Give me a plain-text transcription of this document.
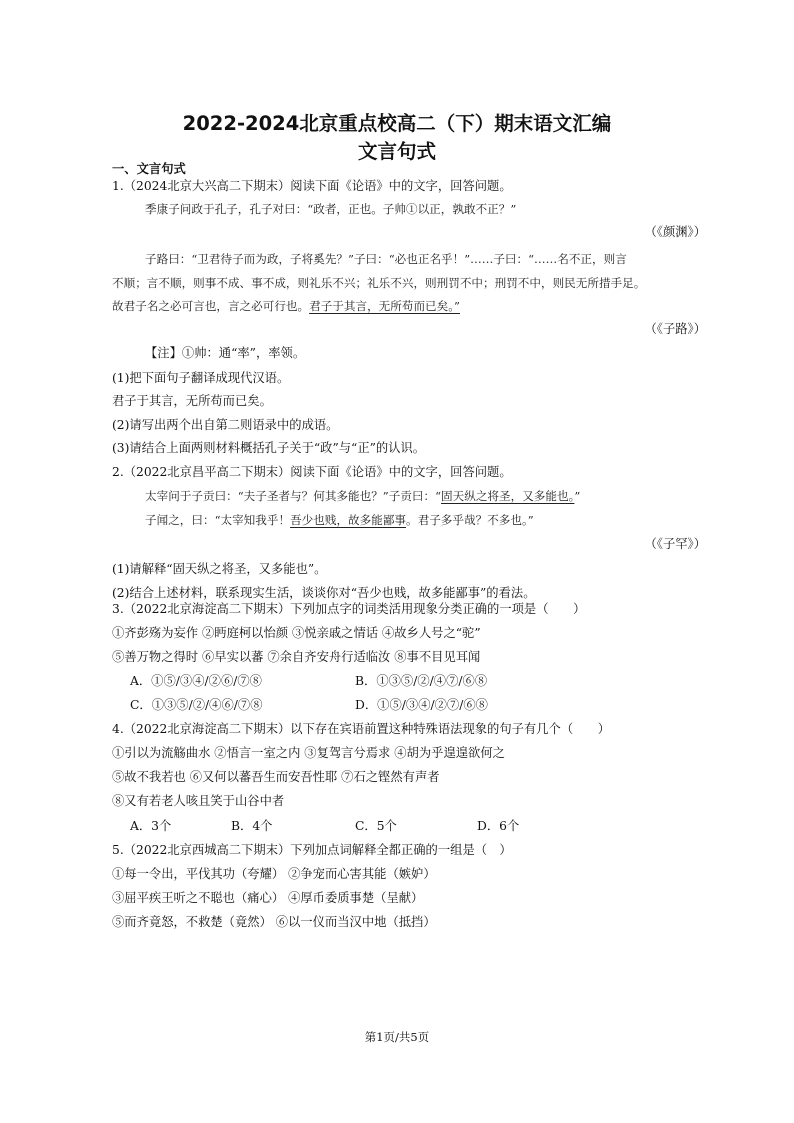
2022-2024北京重点校高二（下）期末语文汇编
文言句式
一、文言句式
1.（2024北京大兴高二下期末）阅读下面《论语》中的文字，回答问题。
季康子问政于孔子，孔子对曰：“政者，正也。子帅①以正，孰敢不正？”
（《颜渊》）
子路曰：“卫君待子而为政，子将奚先？”子曰：“必也正名乎！”……子曰：“……名不正，则言
不顺；言不顺，则事不成、事不成，则礼乐不兴；礼乐不兴，则刑罚不中；刑罚不中，则民无所措手足。
故君子名之必可言也，言之必可行也。君子于其言，无所苟而已矣。”
（《子路》）
【注】①帅：通“率”，率领。
(1)把下面句子翻译成现代汉语。
君子于其言，无所苟而已矣。
(2)请写出两个出自第二则语录中的成语。
(3)请结合上面两则材料概括孔子关于“政”与“正”的认识。
2.（2022北京昌平高二下期末）阅读下面《论语》中的文字，回答问题。
太宰问于子贡曰：“夫子圣者与？何其多能也？”子贡曰：“固天纵之将圣，又多能也。”
子闻之，曰：“太宰知我乎！吾少也贱，故多能鄙事。君子多乎哉？不多也。”
（《子罕》）
(1)请解释“固天纵之将圣，又多能也”。
(2)结合上述材料，联系现实生活，谈谈你对“吾少也贱，故多能鄙事”的看法。
3.（2022北京海淀高二下期末）下列加点字的词类活用现象分类正确的一项是（　　）
①齐彭殇为妄作 ②眄庭柯以怡颜 ③悦亲戚之情话 ④故乡人号之“驼”
⑤善万物之得时 ⑥早实以蕃 ⑦余自齐安舟行适临汝 ⑧事不目见耳闻
A．①⑤/③④/②⑥/⑦⑧	B．①③⑤/②/④⑦/⑥⑧
C．①③⑤/②/④⑥/⑦⑧	D．①⑤/③④/②⑦/⑥⑧
4.（2022北京海淀高二下期末）以下存在宾语前置这种特殊语法现象的句子有几个（　　）
①引以为流觞曲水 ②悟言一室之内 ③复驾言兮焉求 ④胡为乎遑遑欲何之
⑤故不我若也 ⑥又何以蕃吾生而安吾性耶 ⑦石之铿然有声者
⑧又有若老人咳且笑于山谷中者
A．3个	B．4个	C．5个	D．6个
5.（2022北京西城高二下期末）下列加点词解释全都正确的一组是（　）
①每一令出，平伐其功（夸耀） ②争宠而心害其能（嫉妒）
③屈平疾王听之不聪也（痛心） ④厚币委质事楚（呈献）
⑤而齐竟怒，不救楚（竟然） ⑥以一仪而当汉中地（抵挡）
第1页/共5页
